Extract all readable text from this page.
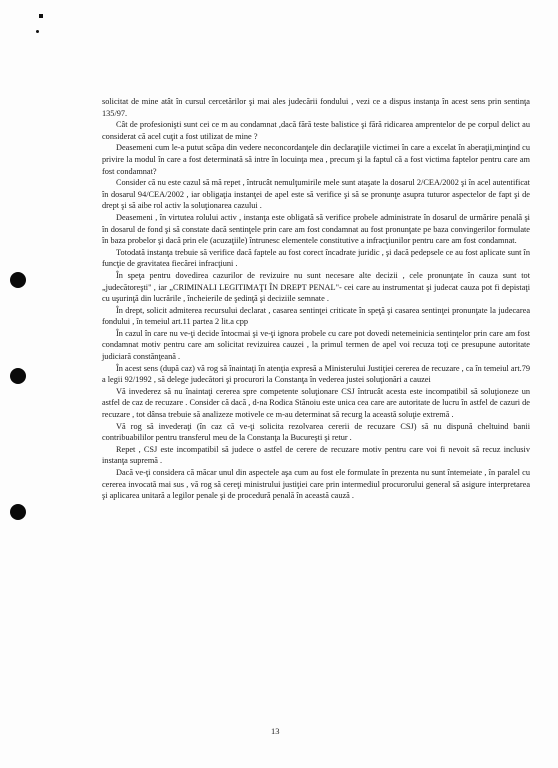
solicitat de mine atât în cursul cercetărilor şi mai ales judecării fondului , vezi ce a dispus instanţa în acest sens prin sentinţa 135/97.

Cât de profesionişti sunt cei ce m au condamnat ,dacă fără teste balistice şi fără ridicarea amprentelor de pe corpul delict au considerat că acel cuţit a fost utilizat de mine ?

Deasemeni cum le-a putut scăpa din vedere neconcordanţele din declaraţiile victimei în care a excelat în aberaţii,minţind cu privire la modul în care a fost determinată să intre în locuinţa mea , precum şi la faptul că a fost victima faptelor pentru care am fost condamnat?

Consider că nu este cazul să mă repet , întrucât nemulţumirile mele sunt ataşate la dosarul 2/CEA/2002 şi în acel autentificat în dosarul 94/CEA/2002 , iar obligaţia instanţei de apel este să verifice şi să se pronunţe asupra tuturor aspectelor de fapt şi de drept şi să aibe rol activ la soluţionarea cazului .

Deasemeni , în virtutea rolului activ , instanţa este obligată să verifice probele administrate în dosarul de urmărire penală şi în dosarul de fond şi să constate dacă sentinţele prin care am fost condamnat au fost pronunţate pe baza convingerilor formulate în baza probelor şi dacă prin ele (acuzaţiile) întrunesc elementele constitutive a infracţiunilor pentru care am fost condamnat.

Totodată instanţa trebuie să verifice dacă faptele au fost corect încadrate juridic , şi dacă pedepsele ce au fost aplicate sunt în funcţie de gravitatea fiecărei infracţiuni .

În speţa pentru dovedirea cazurilor de revizuire nu sunt necesare alte decizii , cele pronunţate în cauza sunt tot „judecătoreşti" , iar „CRIMINALI LEGITIMAŢI ÎN DREPT PENAL"- cei care au instrumentat şi judecat cauza pot fi depistaţi cu uşurinţă din lucrările , încheierile de şedinţă şi deciziile semnate .

În drept, solicit admiterea recursului declarat , casarea sentinţei criticate în speţă şi casarea sentinţei pronunţate la judecarea fondului , în temeiul art.11 partea 2 lit.a cpp

În cazul în care nu ve-ţi decide întocmai şi ve-ţi ignora probele cu care pot dovedi netemeinicia sentinţelor prin care am fost condamnat motiv pentru care am solicitat revizuirea cauzei , la primul termen de apel voi recuza toţi ce presupune autoritate judiciară constănţeană .

În acest sens (după caz) vă rog să înaintaţi în atenţia expresă a Ministerului Justiţiei cererea de recuzare , ca în temeiul art.79 a legii 92/1992 , să delege judecători şi procurori la Constanţa în vederea justei soluţionări a cauzei

Vă invederez să nu înaintaţi cererea spre competente soluţionare CSJ întrucât acesta este incompatibil să soluţioneze un astfel de caz de recuzare . Consider că dacă , d-na Rodica Stănoiu este unica cea care are autoritate de lucru în astfel de cazuri de recuzare , tot dânsa trebuie să analizeze motivele ce m-au determinat să recurg la această soluţie extremă .

Vă rog să invederaţi (în caz că ve-ţi solicita rezolvarea cererii de recuzare CSJ) să nu dispună cheltuind banii contribuabililor pentru transferul meu de la Constanţa la Bucureşti şi retur .

Repet , CSJ este incompatibil să judece o astfel de cerere de recuzare motiv pentru care voi fi nevoit să recuz inclusiv instanţa supremă .

Dacă ve-ţi considera că măcar unul din aspectele aşa cum au fost ele formulate în prezenta nu sunt întemeiate , în paralel cu cererea invocată mai sus , vă rog să cereţi ministrului justiţiei care prin intermediul procurorului general să asigure interpretarea şi aplicarea unitară a legilor penale şi de procedură penală în această cauză .

13
